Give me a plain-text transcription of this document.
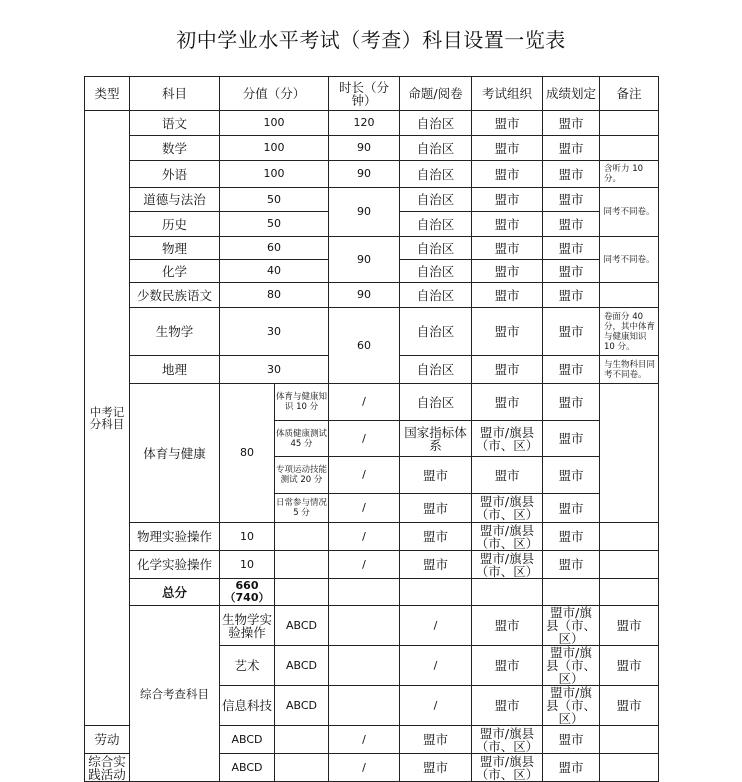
初中学业水平考试（考查）科目设置一览表
类型	科目	分值（分）		时长（分钟）	命题/阅卷	考试组织	成绩划定	备注	
中考记分科目	语文	100		120	自治区	盟市	盟市		
	数学	100		90	自治区	盟市	盟市		
	外语	100		90	自治区	盟市	盟市	含听力 10 分。	
	道德与法治	50		90	自治区	盟市	盟市	同考不同卷。	
	历史	50			自治区	盟市	盟市		
	物理	60		90	自治区	盟市	盟市	同考不同卷。	
	化学	40			自治区	盟市	盟市		
	少数民族语文	80		90	自治区	盟市	盟市		
	生物学	30		60	自治区	盟市	盟市	卷面分 40 分，其中体育与健康知识 10 分。	
	地理	30			自治区	盟市	盟市	与生物科目同考不同卷。	
	体育与健康	80	体育与健康知识 10 分	/	自治区	盟市	盟市		
			体质健康测试 45 分	/	国家指标体系	盟市/旗县（市、区）	盟市		
			专项运动技能测试 20 分	/	盟市	盟市	盟市		
			日常参与情况 5 分	/	盟市	盟市/旗县（市、区）	盟市		
	物理实验操作	10		/	盟市	盟市/旗县（市、区）	盟市		
	化学实验操作	10		/	盟市	盟市/旗县（市、区）	盟市		
	总分	660（740）							
	综合考查科目	生物学实验操作	ABCD		/	盟市	盟市/旗县（市、区）	盟市	
		艺术	ABCD		/	盟市	盟市/旗县（市、区）	盟市	
		信息科技	ABCD		/	盟市	盟市/旗县（市、区）	盟市	
劳动		ABCD		/	盟市	盟市/旗县（市、区）	盟市		
综合实践活动		ABCD		/	盟市	盟市/旗县（市、区）	盟市		
